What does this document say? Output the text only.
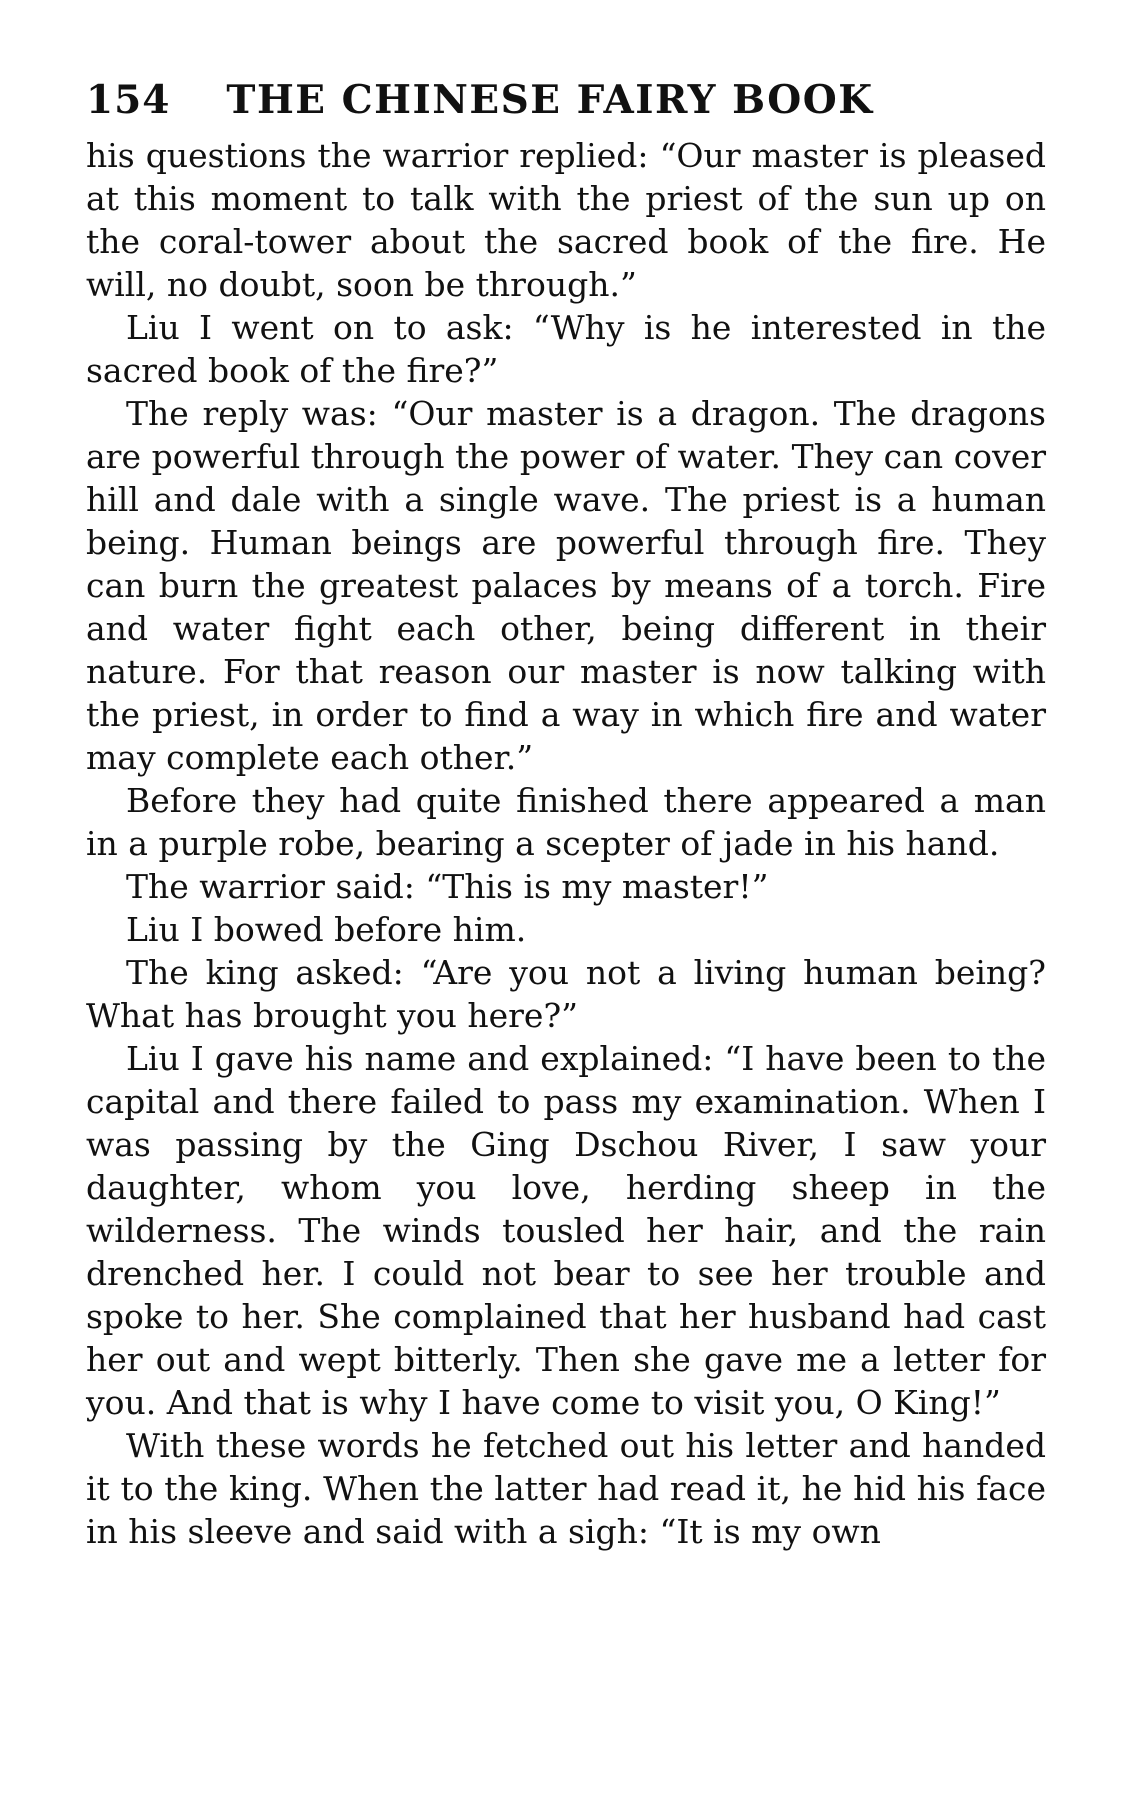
154 THE CHINESE FAIRY BOOK

his questions the warrior replied: “Our master is pleased at this moment to talk with the priest of the sun up on the coral-tower about the sacred book of the fire. He will, no doubt, soon be through.”

Liu I went on to ask: “Why is he interested in the sacred book of the fire?”

The reply was: “Our master is a dragon. The dragons are powerful through the power of water. They can cover hill and dale with a single wave. The priest is a human being. Human beings are powerful through fire. They can burn the greatest palaces by means of a torch. Fire and water fight each other, being different in their nature. For that reason our master is now talking with the priest, in order to find a way in which fire and water may complete each other.”

Before they had quite finished there appeared a man in a purple robe, bearing a scepter of jade in his hand.

The warrior said: “This is my master!”

Liu I bowed before him.

The king asked: “Are you not a living human being? What has brought you here?”

Liu I gave his name and explained: “I have been to the capital and there failed to pass my examination. When I was passing by the Ging Dschou River, I saw your daughter, whom you love, herding sheep in the wilderness. The winds tousled her hair, and the rain drenched her. I could not bear to see her trouble and spoke to her. She complained that her husband had cast her out and wept bitterly. Then she gave me a letter for you. And that is why I have come to visit you, O King!”

With these words he fetched out his letter and handed it to the king. When the latter had read it, he hid his face in his sleeve and said with a sigh: “It is my own
